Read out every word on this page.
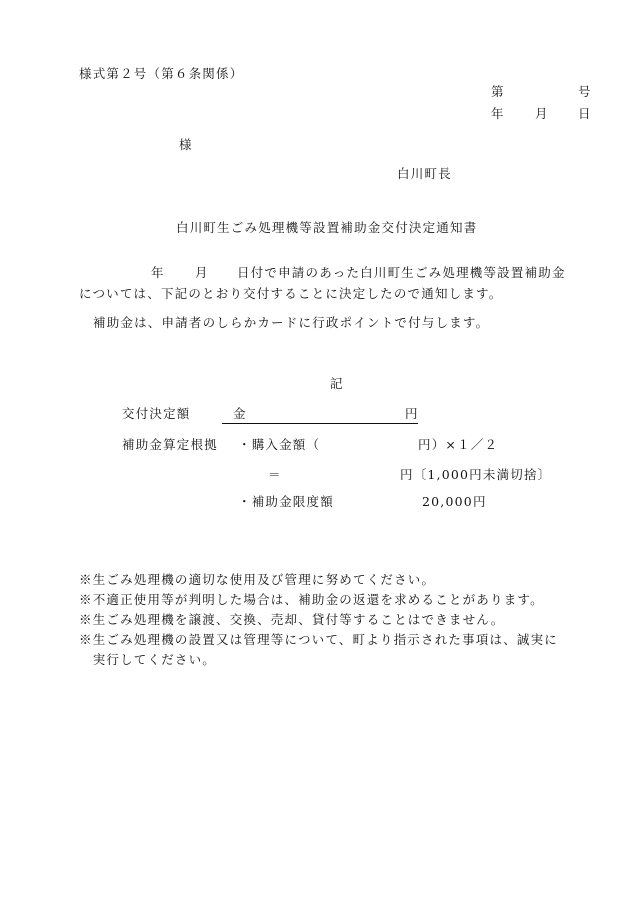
様式第２号（第６条関係）
第	号
年 月 日
様
白川町長
白川町生ごみ処理機等設置補助金交付決定通知書
年 月 日付で申請のあった白川町生ごみ処理機等設置補助金
については、下記のとおり交付することに決定したので通知します。
補助金は、申請者のしらかカードに行政ポイントで付与します。
記
交付決定額	金	円
補助金算定根拠 ・購入金額（	円）×１／２
＝	円〔1,000円未満切捨〕
・補助金限度額	20,000円
※生ごみ処理機の適切な使用及び管理に努めてください。
※不適正使用等が判明した場合は、補助金の返還を求めることがあります。
※生ごみ処理機を譲渡、交換、売却、貸付等することはできません。
※生ごみ処理機の設置又は管理等について、町より指示された事項は、誠実に
　実行してください。
